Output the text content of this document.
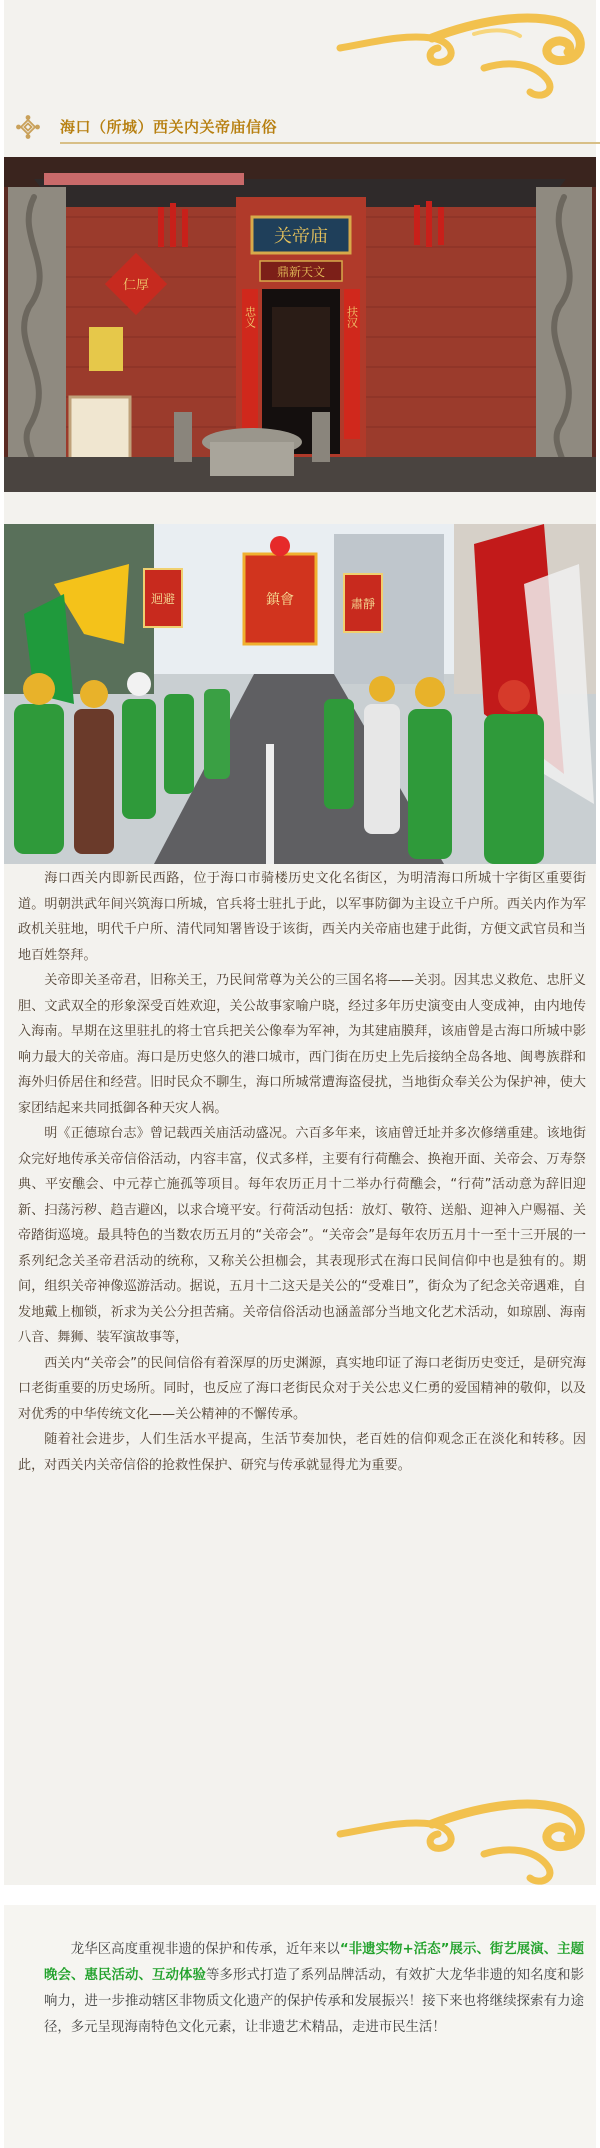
海口（所城）西关内关帝庙信俗
关帝庙
鼎新天文
忠义	扶汉
仁厚
迴避	肅靜
鎮會

海口西关内即新民西路，位于海口市骑楼历史文化名街区，为明清海口所城十字街区重要街道。明朝洪武年间兴筑海口所城，官兵将士驻扎于此，以军事防御为主设立千户所。西关内作为军政机关驻地，明代千户所、清代同知署皆设于该街，西关内关帝庙也建于此街，方便文武官员和当地百姓祭拜。

关帝即关圣帝君，旧称关王，乃民间常尊为关公的三国名将——关羽。因其忠义救危、忠肝义胆、文武双全的形象深受百姓欢迎，关公故事家喻户晓，经过多年历史演变由人变成神，由内地传入海南。早期在这里驻扎的将士官兵把关公像奉为军神，为其建庙膜拜，该庙曾是古海口所城中影响力最大的关帝庙。海口是历史悠久的港口城市，西门街在历史上先后接纳全岛各地、闽粤族群和海外归侨居住和经营。旧时民众不聊生，海口所城常遭海盗侵扰，当地街众奉关公为保护神，使大家团结起来共同抵御各种天灾人祸。

明《正德琼台志》曾记载西关庙活动盛况。六百多年来，该庙曾迁址并多次修缮重建。该地街众完好地传承关帝信俗活动，内容丰富，仪式多样，主要有行荷醮会、换袍开面、关帝会、万寿祭典、平安醮会、中元荐亡施孤等项目。每年农历正月十二举办行荷醮会，“行荷”活动意为辞旧迎新、扫荡污秽、趋吉避凶，以求合境平安。行荷活动包括：放灯、敬符、送船、迎神入户赐福、关帝踏街巡境。最具特色的当数农历五月的“关帝会”。“关帝会”是每年农历五月十一至十三开展的一系列纪念关圣帝君活动的统称，又称关公担枷会，其表现形式在海口民间信仰中也是独有的。期间，组织关帝神像巡游活动。据说，五月十二这天是关公的“受难日”，街众为了纪念关帝遇难，自发地戴上枷锁，祈求为关公分担苦痛。关帝信俗活动也涵盖部分当地文化艺术活动，如琼剧、海南八音、舞狮、装军演故事等，

西关内“关帝会”的民间信俗有着深厚的历史渊源，真实地印证了海口老街历史变迁，是研究海口老街重要的历史场所。同时，也反应了海口老街民众对于关公忠义仁勇的爱国精神的敬仰，以及对优秀的中华传统文化——关公精神的不懈传承。

随着社会进步，人们生活水平提高，生活节奏加快，老百姓的信仰观念正在淡化和转移。因此，对西关内关帝信俗的抢救性保护、研究与传承就显得尤为重要。

龙华区高度重视非遗的保护和传承，近年来以“非遗实物+活态”展示、街艺展演、主题晚会、惠民活动、互动体验等多形式打造了系列品牌活动，有效扩大龙华非遗的知名度和影响力，进一步推动辖区非物质文化遗产的保护传承和发展振兴！接下来也将继续探索有力途径，多元呈现海南特色文化元素，让非遗艺术精品，走进市民生活！
